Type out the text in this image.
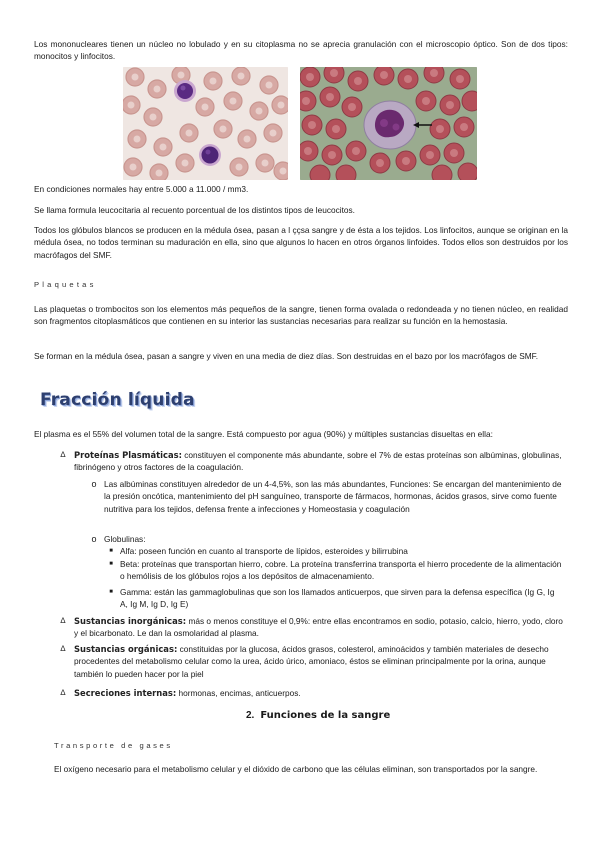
Los mononucleares tienen un núcleo no lobulado y en su citoplasma no se aprecia granulación con el microscopio óptico. Son de dos tipos: monocitos y linfocitos.

En condiciones normales hay entre 5.000 a 11.000 / mm3.

Se llama formula leucocitaria al recuento porcentual de los distintos tipos de leucocitos.

Todos los glóbulos blancos se producen en la médula ósea, pasan a l ççsa sangre y de ésta a los tejidos. Los linfocitos, aunque se originan en la médula ósea, no todos terminan su maduración en ella, sino que algunos lo hacen en otros órganos linfoides. Todos ellos son destruidos por los macrófagos del SMF.

Plaquetas

Las plaquetas o trombocitos son los elementos más pequeños de la sangre, tienen forma ovalada o redondeada y no tienen núcleo, en realidad son fragmentos citoplasmáticos que contienen en su interior las sustancias necesarias para realizar su función en la hemostasia.

Se forman en la médula ósea, pasan a sangre y viven en una media de diez días. Son destruidas en el bazo por los macrófagos de SMF.

Fracción líquida

El plasma es el 55% del volumen total de la sangre. Está compuesto por agua (90%) y múltiples sustancias disueltas en ella:

∆	Proteínas Plasmáticas: constituyen el componente más abundante, sobre el 7% de estas proteínas son albúminas, globulinas, fibrinógeno y otros factores de la coagulación.

o Las albúminas constituyen alrededor de un 4-4,5%, son las más abundantes, Funciones: Se encargan del mantenimiento de la presión oncótica, mantenimiento del pH sanguíneo, transporte de fármacos, hormonas, ácidos grasos, sirve como fuente nutritiva para los tejidos, defensa frente a infecciones y Homeostasia y coagulación

o Globulinas:

■ Alfa: poseen función en cuanto al transporte de lípidos, esteroides y bilirrubina

■ Beta: proteínas que transportan hierro, cobre. La proteína transferrina transporta el hierro procedente de la alimentación o hemólisis de los glóbulos rojos a los depósitos de almacenamiento.

■ Gamma: están las gammaglobulinas que son los llamados anticuerpos, que sirven para la defensa específica (Ig G, Ig A, Ig M, Ig D, Ig E)

∆	Sustancias inorgánicas: más o menos constituye el 0,9%: entre ellas encontramos en sodio, potasio, calcio, hierro, yodo, cloro y el bicarbonato. Le dan la osmolaridad al plasma.

∆	Sustancias orgánicas: constituidas por la glucosa, ácidos grasos, colesterol, aminoácidos y también materiales de desecho procedentes del metabolismo celular como la urea, ácido úrico, amoniaco, éstos se eliminan principalmente por la orina, aunque también lo pueden hacer por la piel

∆	Secreciones internas: hormonas, encimas, anticuerpos.

2. Funciones de la sangre

Transporte de gases

El oxígeno necesario para el metabolismo celular y el dióxido de carbono que las células eliminan, son transportados por la sangre.
